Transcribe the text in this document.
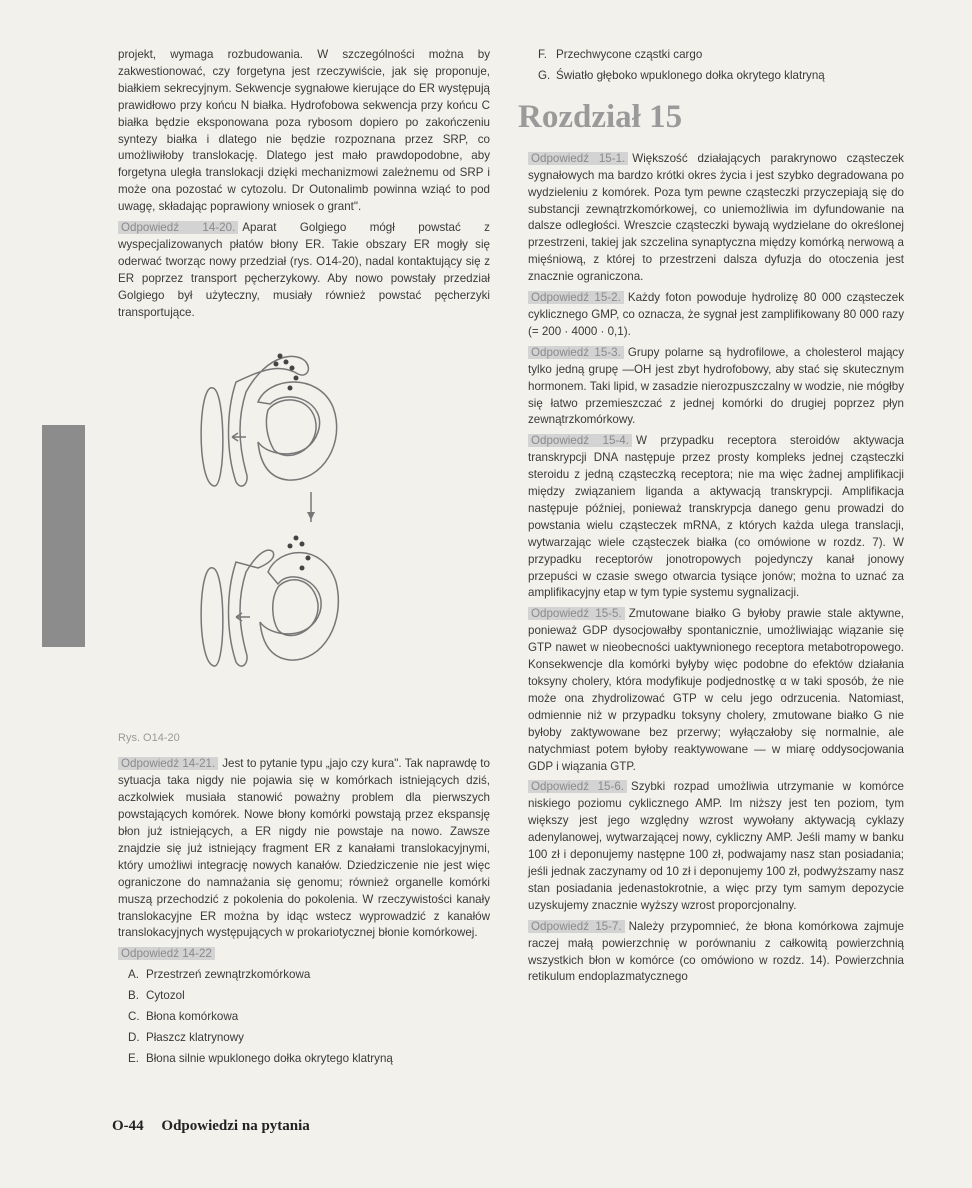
projekt, wymaga rozbudowania. W szczególności można by zakwestionować, czy forgetyna jest rzeczywiście, jak się proponuje, białkiem sekrecyjnym. Sekwencje sygnałowe kierujące do ER występują prawidłowo przy końcu N białka. Hydrofobowa sekwencja przy końcu C białka będzie eksponowana poza rybosom dopiero po zakończeniu syntezy białka i dlatego nie będzie rozpoznana przez SRP, co umożliwiłoby translokację. Dlatego jest mało prawdopodobne, aby forgetyna uległa translokacji dzięki mechanizmowi zależnemu od SRP i może ona pozostać w cytozolu. Dr Outonalimb powinna wziąć to pod uwagę, składając poprawiony wniosek o grant".

Odpowiedź 14-20. Aparat Golgiego mógł powstać z wyspecjalizowanych płatów błony ER. Takie obszary ER mogły się oderwać tworząc nowy przedział (rys. O14-20), nadal kontaktujący się z ER poprzez transport pęcherzykowy. Aby nowo powstały przedział Golgiego był użyteczny, musiały również powstać pęcherzyki transportujące.

Rys. O14-20

Odpowiedź 14-21. Jest to pytanie typu „jajo czy kura". Tak naprawdę to sytuacja taka nigdy nie pojawia się w komórkach istniejących dziś, aczkolwiek musiała stanowić poważny problem dla pierwszych powstających komórek. Nowe błony komórki powstają przez ekspansję błon już istniejących, a ER nigdy nie powstaje na nowo. Zawsze znajdzie się już istniejący fragment ER z kanałami translokacyjnymi, który umożliwi integrację nowych kanałów. Dziedziczenie nie jest więc ograniczone do namnażania się genomu; również organelle komórki muszą przechodzić z pokolenia do pokolenia. W rzeczywistości kanały translokacyjne ER można by idąc wstecz wyprowadzić z kanałów translokacyjnych występujących w prokariotycznej błonie komórkowej.

Odpowiedź 14-22

A. Przestrzeń zewnątrzkomórkowa
B. Cytozol
C. Błona komórkowa
D. Płaszcz klatrynowy
E. Błona silnie wpuklonego dołka okrytego klatryną
F. Przechwycone cząstki cargo
G. Światło głęboko wpuklonego dołka okrytego klatryną
Rozdział 15

Odpowiedź 15-1. Większość działających parakrynowo cząsteczek sygnałowych ma bardzo krótki okres życia i jest szybko degradowana po wydzieleniu z komórek. Poza tym pewne cząsteczki przyczepiają się do substancji zewnątrzkomórkowej, co uniemożliwia im dyfundowanie na dalsze odległości. Wreszcie cząsteczki bywają wydzielane do określonej przestrzeni, takiej jak szczelina synaptyczna między komórką nerwową a mięśniową, z której to przestrzeni dalsza dyfuzja do otoczenia jest znacznie ograniczona.

Odpowiedź 15-2. Każdy foton powoduje hydrolizę 80 000 cząsteczek cyklicznego GMP, co oznacza, że sygnał jest zamplifikowany 80 000 razy (= 200 · 4000 · 0,1).

Odpowiedź 15-3. Grupy polarne są hydrofilowe, a cholesterol mający tylko jedną grupę —OH jest zbyt hydrofobowy, aby stać się skutecznym hormonem. Taki lipid, w zasadzie nierozpuszczalny w wodzie, nie mógłby się łatwo przemieszczać z jednej komórki do drugiej poprzez płyn zewnątrzkomórkowy.

Odpowiedź 15-4. W przypadku receptora steroidów aktywacja transkrypcji DNA następuje przez prosty kompleks jednej cząsteczki steroidu z jedną cząsteczką receptora; nie ma więc żadnej amplifikacji między związaniem liganda a aktywacją transkrypcji. Amplifikacja następuje później, ponieważ transkrypcja danego genu prowadzi do powstania wielu cząsteczek mRNA, z których każda ulega translacji, wytwarzając wiele cząsteczek białka (co omówione w rozdz. 7). W przypadku receptorów jonotropowych pojedynczy kanał jonowy przepuści w czasie swego otwarcia tysiące jonów; można to uznać za amplifikacyjny etap w tym typie systemu sygnalizacji.

Odpowiedź 15-5. Zmutowane białko G byłoby prawie stale aktywne, ponieważ GDP dysocjowałby spontanicznie, umożliwiając wiązanie się GTP nawet w nieobecności uaktywnionego receptora metabotropowego. Konsekwencje dla komórki byłyby więc podobne do efektów działania toksyny cholery, która modyfikuje podjednostkę α w taki sposób, że nie może ona zhydrolizować GTP w celu jego odrzucenia. Natomiast, odmiennie niż w przypadku toksyny cholery, zmutowane białko G nie byłoby zaktywowane bez przerwy; wyłączałoby się normalnie, ale natychmiast potem byłoby reaktywowane — w miarę oddysocjowania GDP i wiązania GTP.

Odpowiedź 15-6. Szybki rozpad umożliwia utrzymanie w komórce niskiego poziomu cyklicznego AMP. Im niższy jest ten poziom, tym większy jest jego względny wzrost wywołany aktywacją cyklazy adenylanowej, wytwarzającej nowy, cykliczny AMP. Jeśli mamy w banku 100 zł i deponujemy następne 100 zł, podwajamy nasz stan posiadania; jeśli jednak zaczynamy od 10 zł i deponujemy 100 zł, podwyższamy nasz stan posiadania jedenastokrotnie, a więc przy tym samym depozycie uzyskujemy znacznie wyższy wzrost proporcjonalny.

Odpowiedź 15-7. Należy przypomnieć, że błona komórkowa zajmuje raczej małą powierzchnię w porównaniu z całkowitą powierzchnią wszystkich błon w komórce (co omówiono w rozdz. 14). Powierzchnia retikulum endoplazmatycznego

O-44 Odpowiedzi na pytania
